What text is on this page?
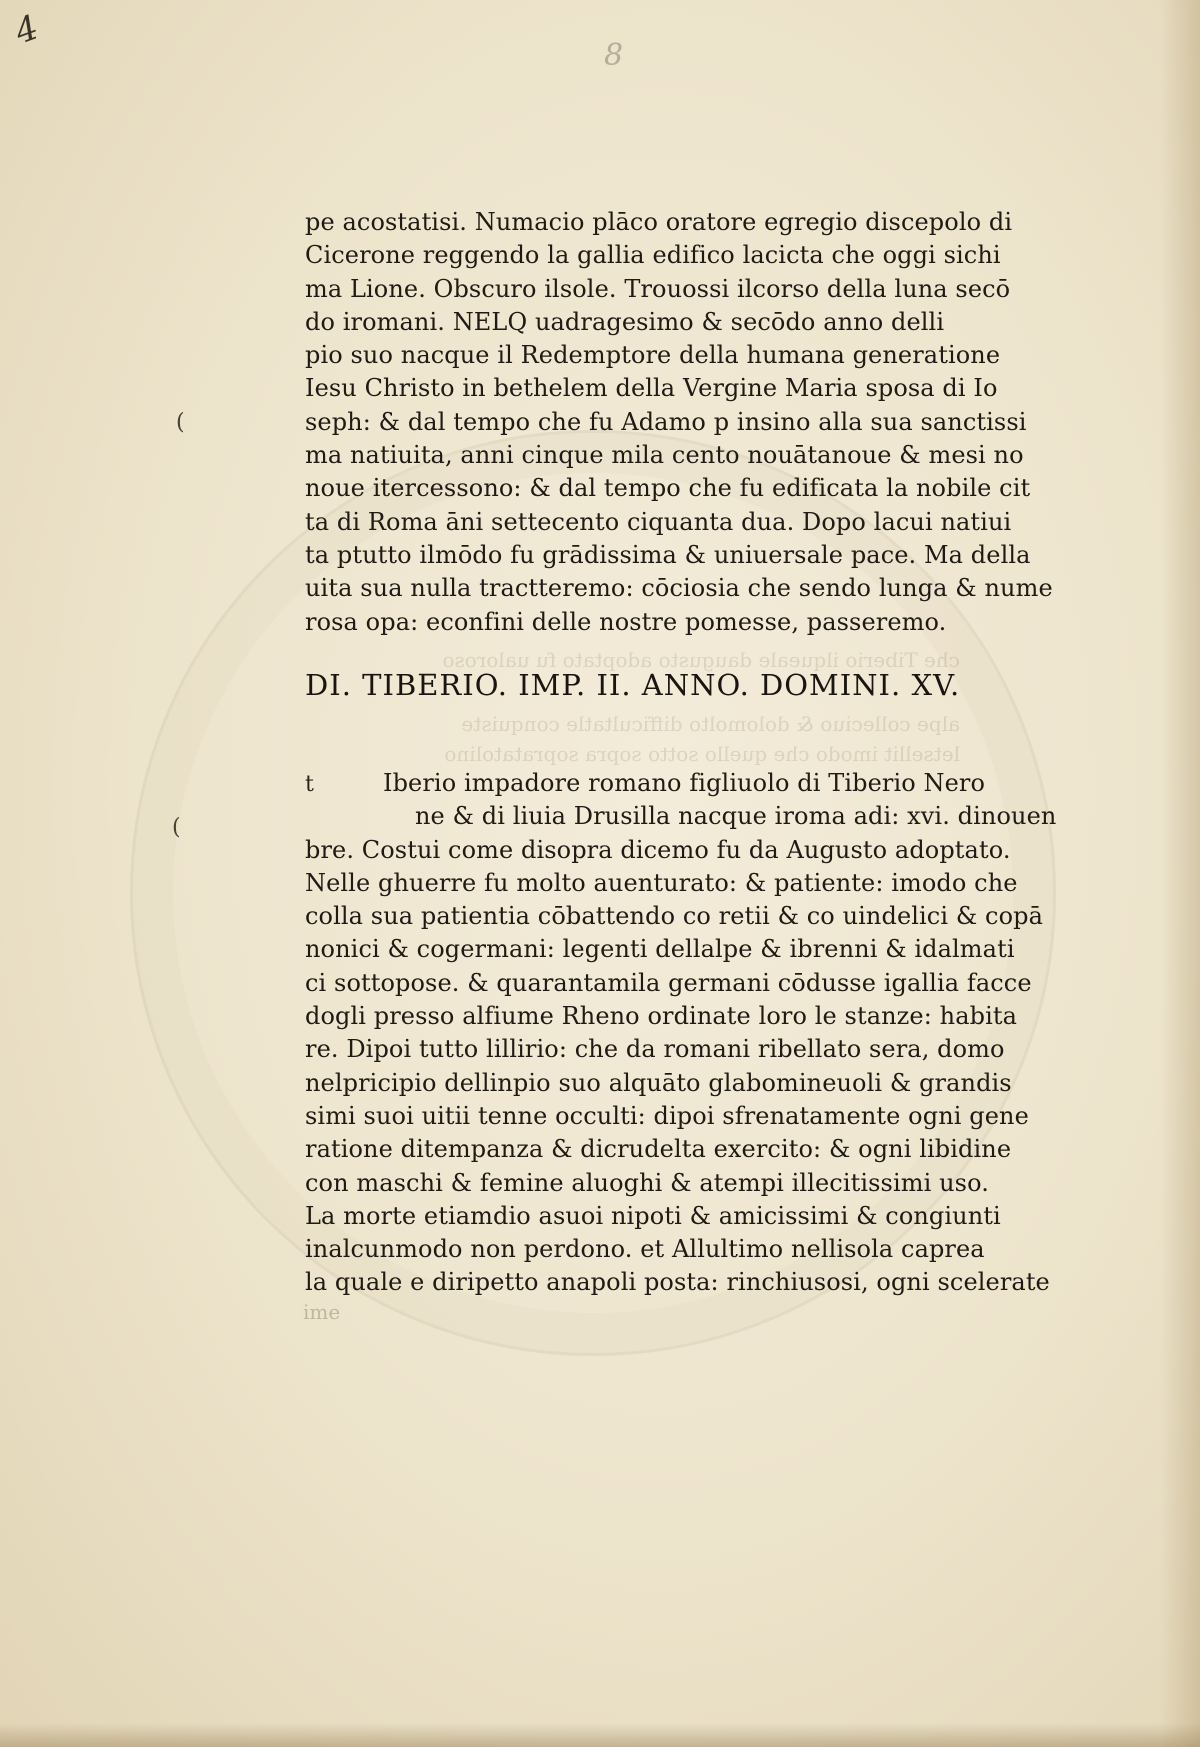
4
8
(
(
pe acostatisi. Numacio plāco oratore egregio discepolo di
Cicerone reggendo la gallia edifico lacicta che oggi sichi
ma Lione. Obscuro ilsole. Trouossi ilcorso della luna secō
do iromani. NELQ uadragesimo & secōdo anno delli
pio suo nacque il Redemptore della humana generatione
Iesu Christo in bethelem della Vergine Maria sposa di Io
seph: & dal tempo che fu Adamo p insino alla sua sanctissi
ma natiuita, anni cinque mila cento nouātanoue & mesi no
noue itercessono: & dal tempo che fu edificata la nobile cit
ta di Roma āni settecento ciquanta dua. Dopo lacui natiui
ta ptutto ilmōdo fu grādissima & uniuersale pace. Ma della
uita sua nulla tractteremo: cōciosia che sendo lunga & nume
rosa opa: econfini delle nostre pomesse, passeremo.
che Tiberio ilqueale daugusto adoptato fu ualoroso
DI. TIBERIO. IMP. II. ANNO. DOMINI. XV.
alpe colleciuo & dolomolto difficultatle conquiste
letsellit imodo che quello sotto sopra sopratatolino
t	Iberio impadore romano figliuolo di Tiberio Nero
ne & di liuia Drusilla nacque iroma adi: xvi. dinouen
bre. Costui come disopra dicemo fu da Augusto adoptato.
Nelle ghuerre fu molto auenturato: & patiente: imodo che
colla sua patientia cōbattendo co retii & co uindelici & copā
nonici & cogermani: legenti dellalpe & ibrenni & idalmati
ci sottopose. & quarantamila germani cōdusse igallia facce
dogli presso alfiume Rheno ordinate loro le stanze: habita
re. Dipoi tutto lillirio: che da romani ribellato sera, domo
nelpricipio dellinpio suo alquāto glabomineuoli & grandis
simi suoi uitii tenne occulti: dipoi sfrenatamente ogni gene
ratione ditempanza & dicrudelta exercito: & ogni libidine
con maschi & femine aluoghi & atempi illecitissimi uso.
La morte etiamdio asuoi nipoti & amicissimi & congiunti
inalcunmodo non perdono. et Allultimo nellisola caprea
la quale e diripetto anapoli posta: rinchiusosi, ogni scelerate
ime
